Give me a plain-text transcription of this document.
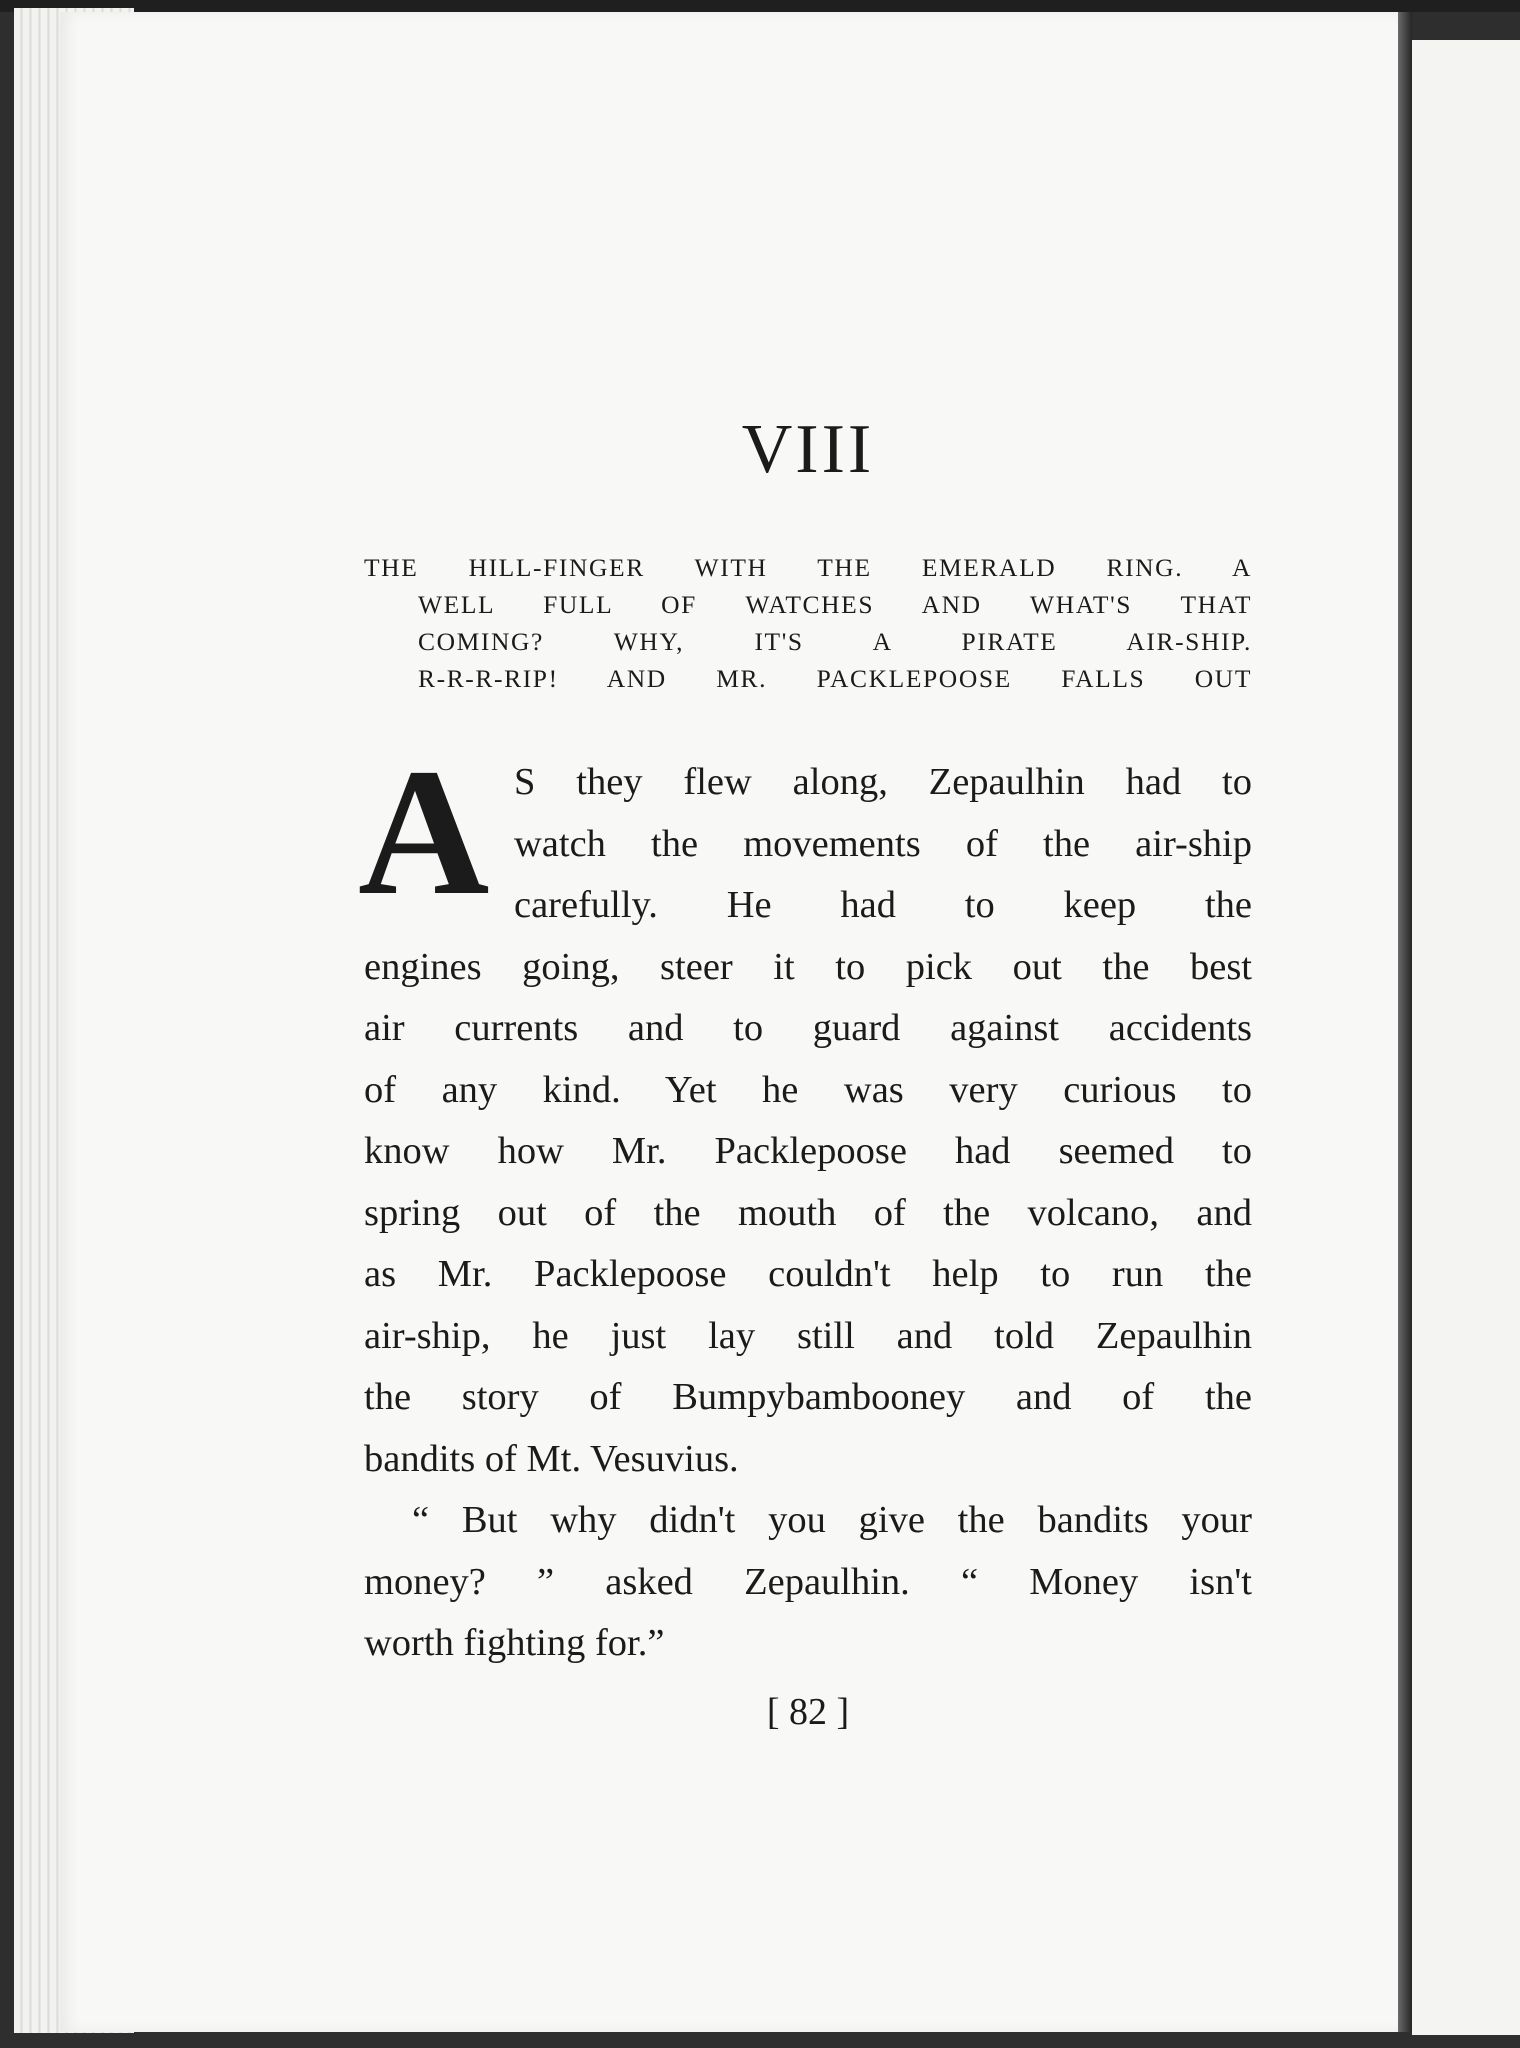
VIII
THE HILL-FINGER WITH THE EMERALD RING. A
WELL FULL OF WATCHES AND WHAT'S THAT
COMING? WHY, IT'S A PIRATE AIR-SHIP.
R-R-R-RIP! AND MR. PACKLEPOOSE FALLS OUT
A S they flew along, Zepaulhin had to
watch the movements of the air-ship
carefully. He had to keep the
engines going, steer it to pick out the best
air currents and to guard against accidents
of any kind. Yet he was very curious to
know how Mr. Packlepoose had seemed to
spring out of the mouth of the volcano, and
as Mr. Packlepoose couldn't help to run the
air-ship, he just lay still and told Zepaulhin
the story of Bumpybambooney and of the
bandits of Mt. Vesuvius.
“ But why didn't you give the bandits your
money? ” asked Zepaulhin. “ Money isn't
worth fighting for.”
[ 82 ]
